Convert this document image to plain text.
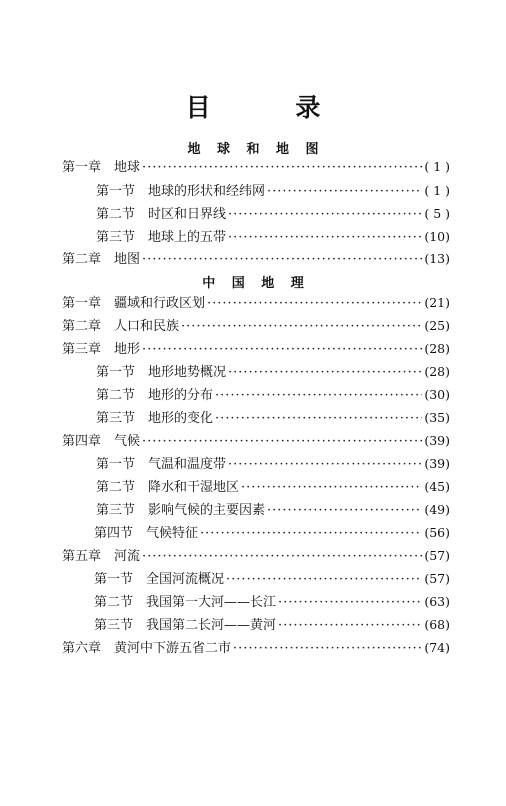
目 录
地 球 和 地 图
第一章　地球 ·····	( 1 )
第一节　地球的形状和经纬网 ·····	( 1 )
第二节　时区和日界线 ·····	( 5 )
第三节　地球上的五带 ·····	(10)
第二章　地图 ·····	(13)
中 国 地 理
第一章　疆域和行政区划 ·····	(21)
第二章　人口和民族 ·····	(25)
第三章　地形 ·····	(28)
第一节　地形地势概况 ·····	(28)
第二节　地形的分布 ·····	(30)
第三节　地形的变化 ·····	(35)
第四章　气候 ·····	(39)
第一节　气温和温度带 ·····	(39)
第二节　降水和干湿地区 ·····	(45)
第三节　影响气候的主要因素 ·····	(49)
第四节　气候特征 ·····	(56)
第五章　河流 ·····	(57)
第一节　全国河流概况 ·····	(57)
第二节　我国第一大河——长江 ·····	(63)
第三节　我国第二长河——黄河 ·····	(68)
第六章　黄河中下游五省二市 ·····	(74)
